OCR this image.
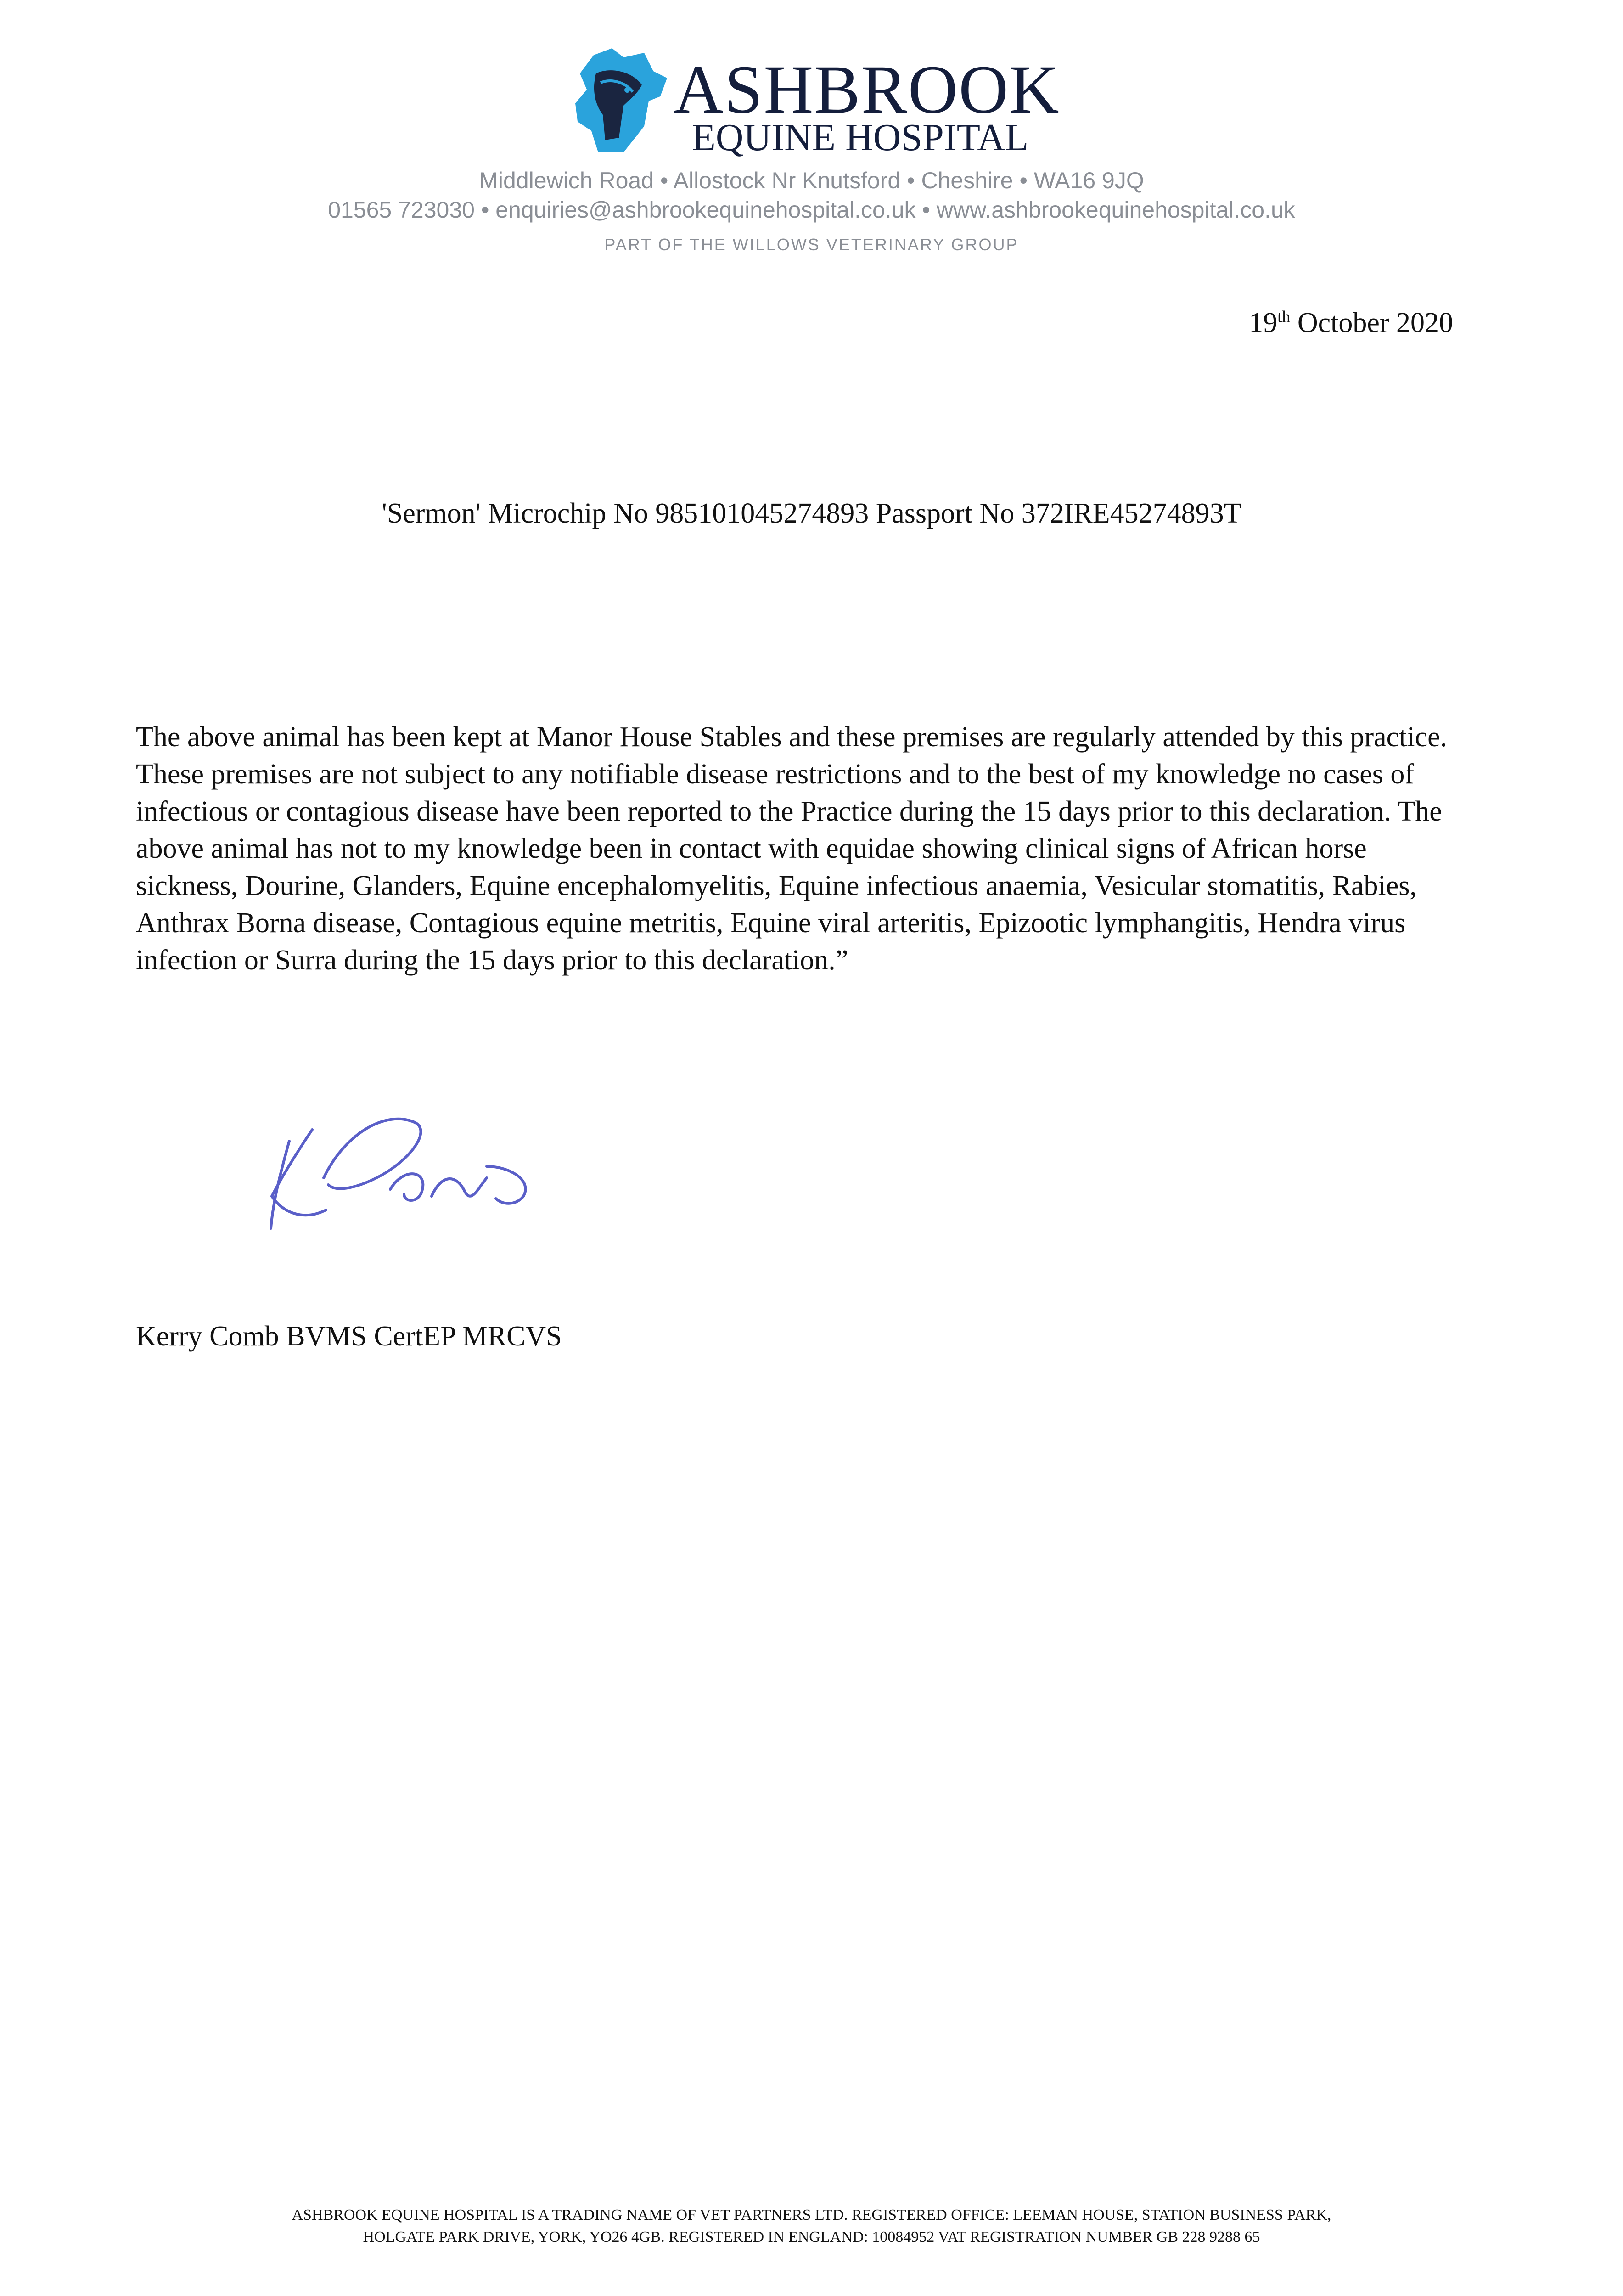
ASHBROOK
EQUINE HOSPITAL
Middlewich Road • Allostock Nr Knutsford • Cheshire • WA16 9JQ
01565 723030 • enquiries@ashbrookequinehospital.co.uk • www.ashbrookequinehospital.co.uk
PART OF THE WILLOWS VETERINARY GROUP
19th October 2020
'Sermon' Microchip No 985101045274893 Passport No 372IRE45274893T
The above animal has been kept at Manor House Stables and these premises are regularly attended by this practice. These premises are not subject to any notifiable disease restrictions and to the best of my knowledge no cases of infectious or contagious disease have been reported to the Practice during the 15 days prior to this declaration. The above animal has not to my knowledge been in contact with equidae showing clinical signs of African horse sickness, Dourine, Glanders, Equine encephalomyelitis, Equine infectious anaemia, Vesicular stomatitis, Rabies, Anthrax Borna disease, Contagious equine metritis, Equine viral arteritis, Epizootic lymphangitis, Hendra virus infection or Surra during the 15 days prior to this declaration.”
Kerry Comb BVMS CertEP MRCVS
ASHBROOK EQUINE HOSPITAL IS A TRADING NAME OF VET PARTNERS LTD. REGISTERED OFFICE: LEEMAN HOUSE, STATION BUSINESS PARK,
HOLGATE PARK DRIVE, YORK, YO26 4GB. REGISTERED IN ENGLAND: 10084952 VAT REGISTRATION NUMBER GB 228 9288 65
